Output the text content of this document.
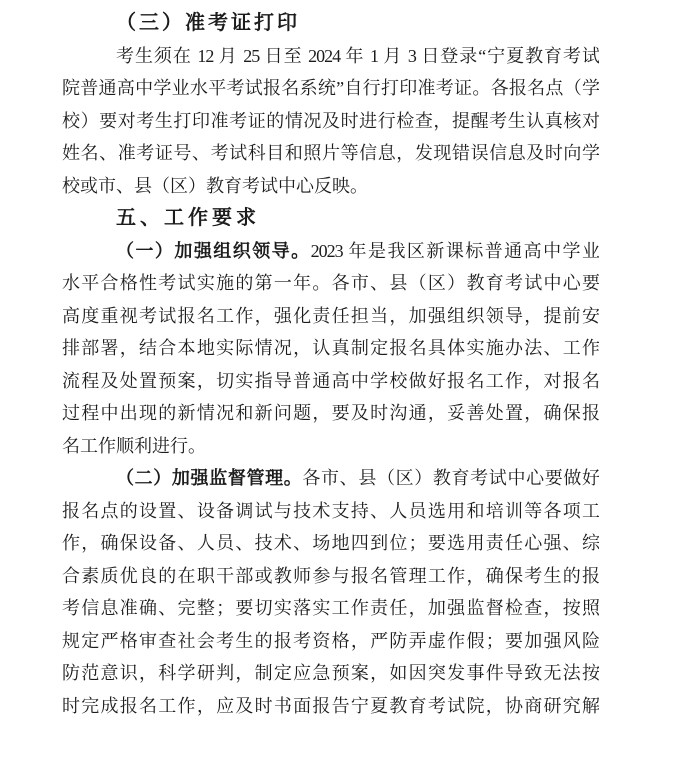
（三）准考证打印
考生须在 12 月 25 日至 2024 年 1 月 3 日登录“宁夏教育考试
院普通高中学业水平考试报名系统”自行打印准考证。各报名点（学
校）要对考生打印准考证的情况及时进行检查，提醒考生认真核对
姓名、准考证号、考试科目和照片等信息，发现错误信息及时向学
校或市、县（区）教育考试中心反映。
五、工作要求
（一）加强组织领导。2023 年是我区新课标普通高中学业
水平合格性考试实施的第一年。各市、县（区）教育考试中心要
高度重视考试报名工作，强化责任担当，加强组织领导，提前安
排部署，结合本地实际情况，认真制定报名具体实施办法、工作
流程及处置预案，切实指导普通高中学校做好报名工作，对报名
过程中出现的新情况和新问题，要及时沟通，妥善处置，确保报
名工作顺利进行。
（二）加强监督管理。各市、县（区）教育考试中心要做好
报名点的设置、设备调试与技术支持、人员选用和培训等各项工
作，确保设备、人员、技术、场地四到位；要选用责任心强、综
合素质优良的在职干部或教师参与报名管理工作，确保考生的报
考信息准确、完整；要切实落实工作责任，加强监督检查，按照
规定严格审查社会考生的报考资格，严防弄虚作假；要加强风险
防范意识，科学研判，制定应急预案，如因突发事件导致无法按
时完成报名工作，应及时书面报告宁夏教育考试院，协商研究解
